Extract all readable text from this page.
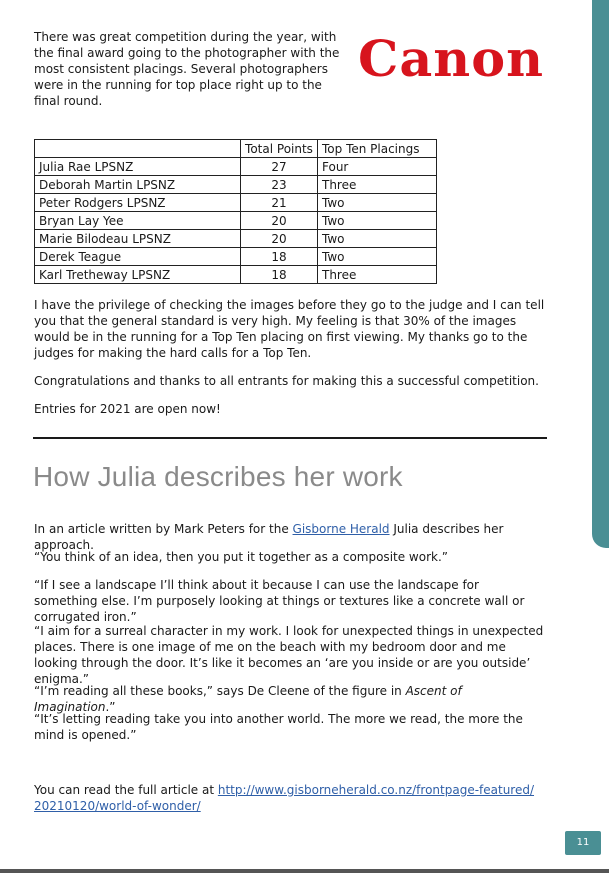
There was great competition during the year, with the final award going to the photographer with the most consistent placings. Several photographers were in the running for top place right up to the final round.

Canon
	Total Points	Top Ten Placings
Julia Rae LPSNZ	27	Four
Deborah Martin LPSNZ	23	Three
Peter Rodgers LPSNZ	21	Two
Bryan Lay Yee	20	Two
Marie Bilodeau LPSNZ	20	Two
Derek Teague	18	Two
Karl Tretheway LPSNZ	18	Three

I have the privilege of checking the images before they go to the judge and I can tell you that the general standard is very high. My feeling is that 30% of the images would be in the running for a Top Ten placing on first viewing. My thanks go to the judges for making the hard calls for a Top Ten.

Congratulations and thanks to all entrants for making this a successful competition.

Entries for 2021 are open now!

How Julia describes her work

In an article written by Mark Peters for the Gisborne Herald Julia describes her approach.

“You think of an idea, then you put it together as a composite work.”

“If I see a landscape I’ll think about it because I can use the landscape for something else. I’m purposely looking at things or textures like a concrete wall or corrugated iron.”

“I aim for a surreal character in my work. I look for unexpected things in unexpected places. There is one image of me on the beach with my bedroom door and me looking through the door. It’s like it becomes an ‘are you inside or are you outside’ enigma.”

“I’m reading all these books,” says De Cleene of the figure in Ascent of Imagination.”

“It’s letting reading take you into another world. The more we read, the more the mind is opened.”

You can read the full article at http://www.gisborneherald.co.nz/frontpage-featured/20210120/world-of-wonder/

11
